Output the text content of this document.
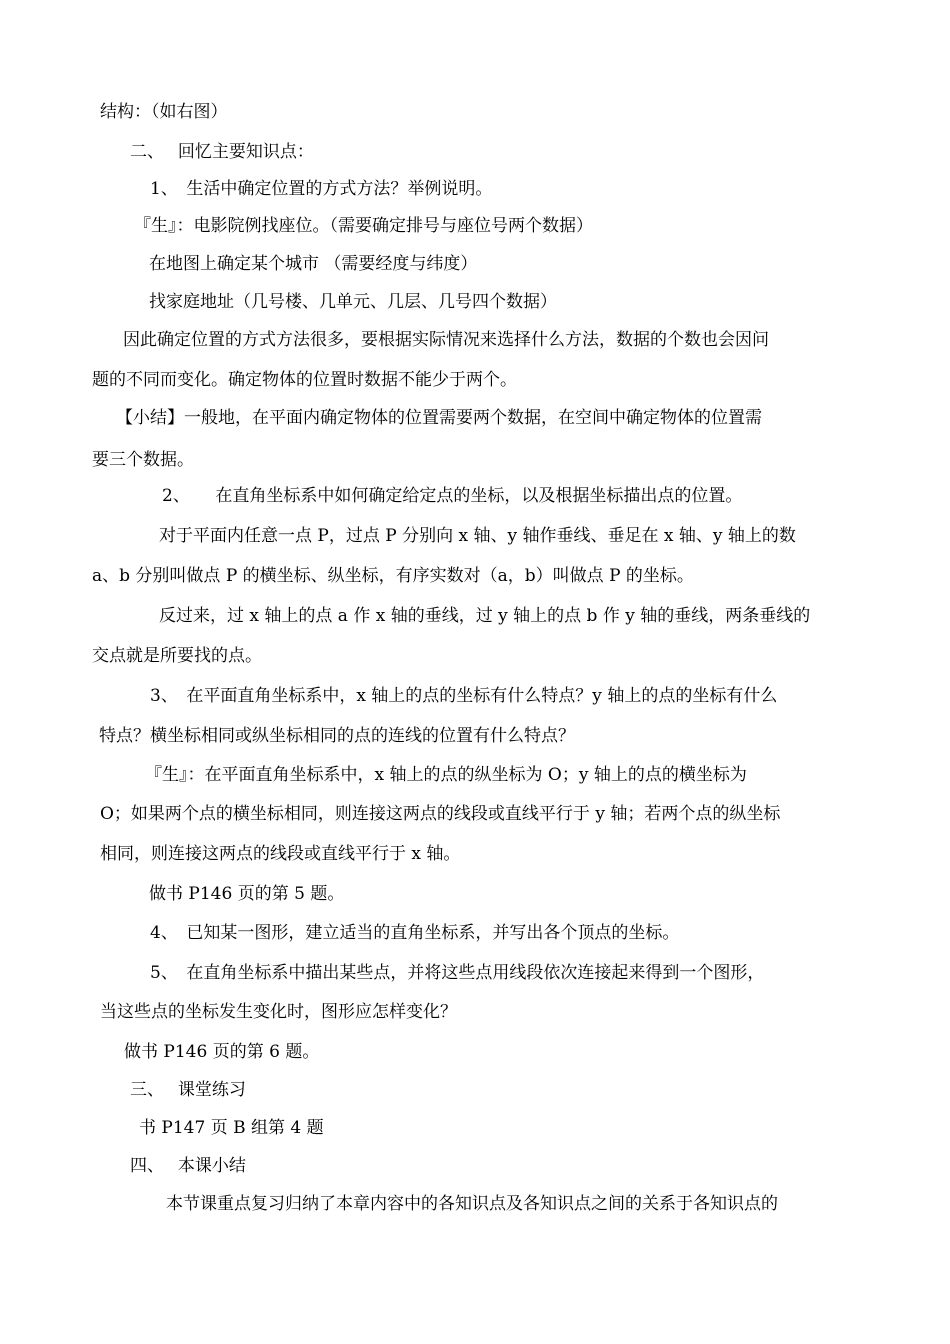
结构：（如右图）
二、　 回忆主要知识点：
1、　生活中确定位置的方式方法？举例说明。
『生』：电影院例找座位。（需要确定排号与座位号两个数据）
在地图上确定某个城市 （需要经度与纬度）
找家庭地址（几号楼、几单元、几层、几号四个数据）
因此确定位置的方式方法很多，要根据实际情况来选择什么方法，数据的个数也会因问
题的不同而变化。确定物体的位置时数据不能少于两个。
【小结】一般地，在平面内确定物体的位置需要两个数据，在空间中确定物体的位置需
要三个数据。
2、　　在直角坐标系中如何确定给定点的坐标，以及根据坐标描出点的位置。
对于平面内任意一点 P，过点 P 分别向 x 轴、y 轴作垂线、垂足在 x 轴、y 轴上的数
a、b 分别叫做点 P 的横坐标、纵坐标，有序实数对（a，b）叫做点 P 的坐标。
反过来，过 x 轴上的点 a 作 x 轴的垂线，过 y 轴上的点 b 作 y 轴的垂线，两条垂线的
交点就是所要找的点。
3、　在平面直角坐标系中，x 轴上的点的坐标有什么特点？y 轴上的点的坐标有什么
特点？横坐标相同或纵坐标相同的点的连线的位置有什么特点？
『生』：在平面直角坐标系中，x 轴上的点的纵坐标为 O；y 轴上的点的横坐标为
O；如果两个点的横坐标相同，则连接这两点的线段或直线平行于 y 轴；若两个点的纵坐标
相同，则连接这两点的线段或直线平行于 x 轴。
做书 P146 页的第 5 题。
4、　已知某一图形，建立适当的直角坐标系，并写出各个顶点的坐标。
5、　在直角坐标系中描出某些点，并将这些点用线段依次连接起来得到一个图形，
当这些点的坐标发生变化时，图形应怎样变化？
做书 P146 页的第 6 题。
三、　 课堂练习
书 P147 页 B 组第 4 题
四、　 本课小结
本节课重点复习归纳了本章内容中的各知识点及各知识点之间的关系于各知识点的
